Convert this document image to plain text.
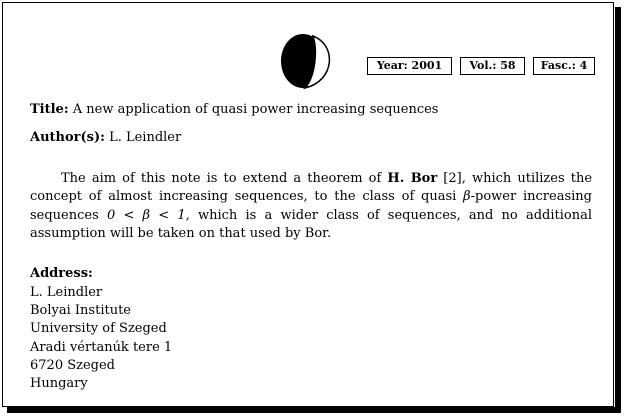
Year: 2001	Vol.: 58	Fasc.: 4
Title: A new application of quasi power increasing sequences
Author(s): L. Leindler
The aim of this note is to extend a theorem of H. Bor [2], which utilizes the concept of almost increasing sequences, to the class of quasi β-power increasing sequences 0 < β < 1, which is a wider class of sequences, and no additional assumption will be taken on that used by Bor.
Address:
L. Leindler
Bolyai Institute
University of Szeged
Aradi vértanúk tere 1
6720 Szeged
Hungary
